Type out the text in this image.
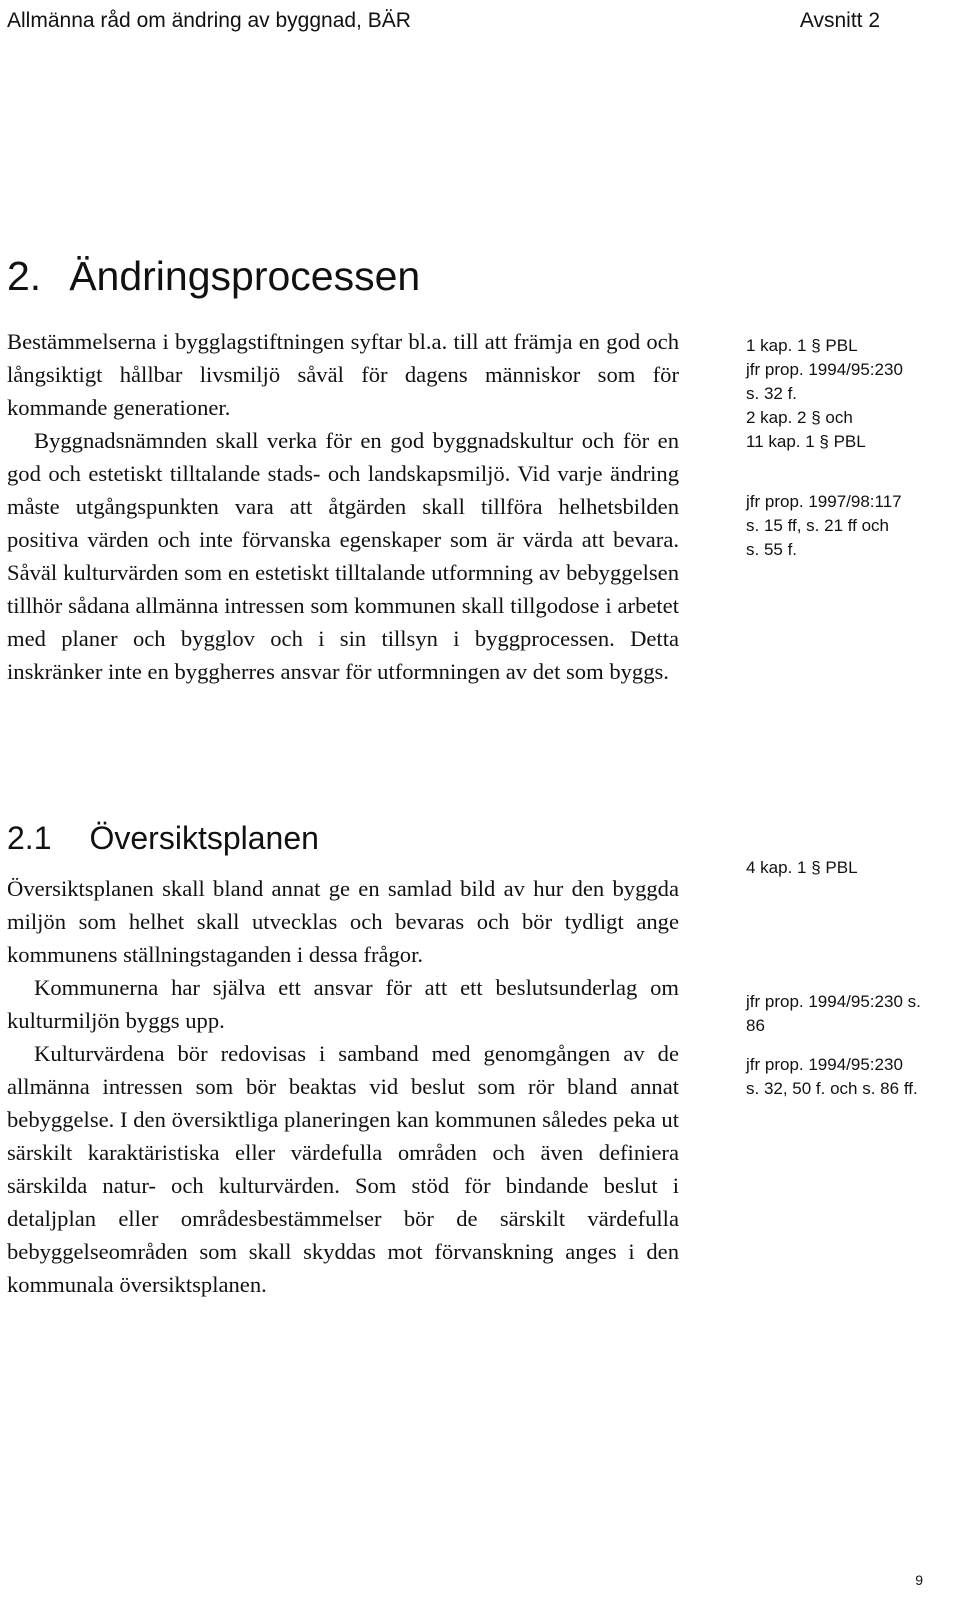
Allmänna råd om ändring av byggnad, BÄR	Avsnitt 2
2. Ändringsprocessen

Bestämmelserna i bygglagstiftningen syftar bl.a. till att främja en god och långsiktigt hållbar livsmiljö såväl för dagens människor som för kommande generationer.

Byggnadsnämnden skall verka för en god byggnadskultur och för en god och estetiskt tilltalande stads- och landskapsmiljö. Vid varje ändring måste utgångspunkten vara att åtgärden skall tillföra helhetsbilden positiva värden och inte förvanska egenskaper som är värda att bevara. Såväl kulturvärden som en estetiskt tilltalande utformning av bebyggelsen tillhör sådana allmänna intressen som kommunen skall tillgodose i arbetet med planer och bygglov och i sin tillsyn i byggprocessen. Detta inskränker inte en byggherres ansvar för utformningen av det som byggs.

1 kap. 1 § PBL
jfr prop. 1994/95:230
s. 32 f.
2 kap. 2 § och
11 kap. 1 § PBL
jfr prop. 1997/98:117
s. 15 ff, s. 21 ff och
s. 55 f.
2.1 Översiktsplanen

Översiktsplanen skall bland annat ge en samlad bild av hur den byggda miljön som helhet skall utvecklas och bevaras och bör tydligt ange kommunens ställningstaganden i dessa frågor.

Kommunerna har själva ett ansvar för att ett beslutsunderlag om kulturmiljön byggs upp.

Kulturvärdena bör redovisas i samband med genomgången av de allmänna intressen som bör beaktas vid beslut som rör bland annat bebyggelse. I den översiktliga planeringen kan kommunen således peka ut särskilt karaktäristiska eller värdefulla områden och även definiera särskilda natur- och kulturvärden. Som stöd för bindande beslut i detaljplan eller områdesbestämmelser bör de särskilt värdefulla bebyggelseområden som skall skyddas mot förvanskning anges i den kommunala översiktsplanen.

4 kap. 1 § PBL
jfr prop. 1994/95:230 s.
86
jfr prop. 1994/95:230
s. 32, 50 f. och s. 86 ff.
9
